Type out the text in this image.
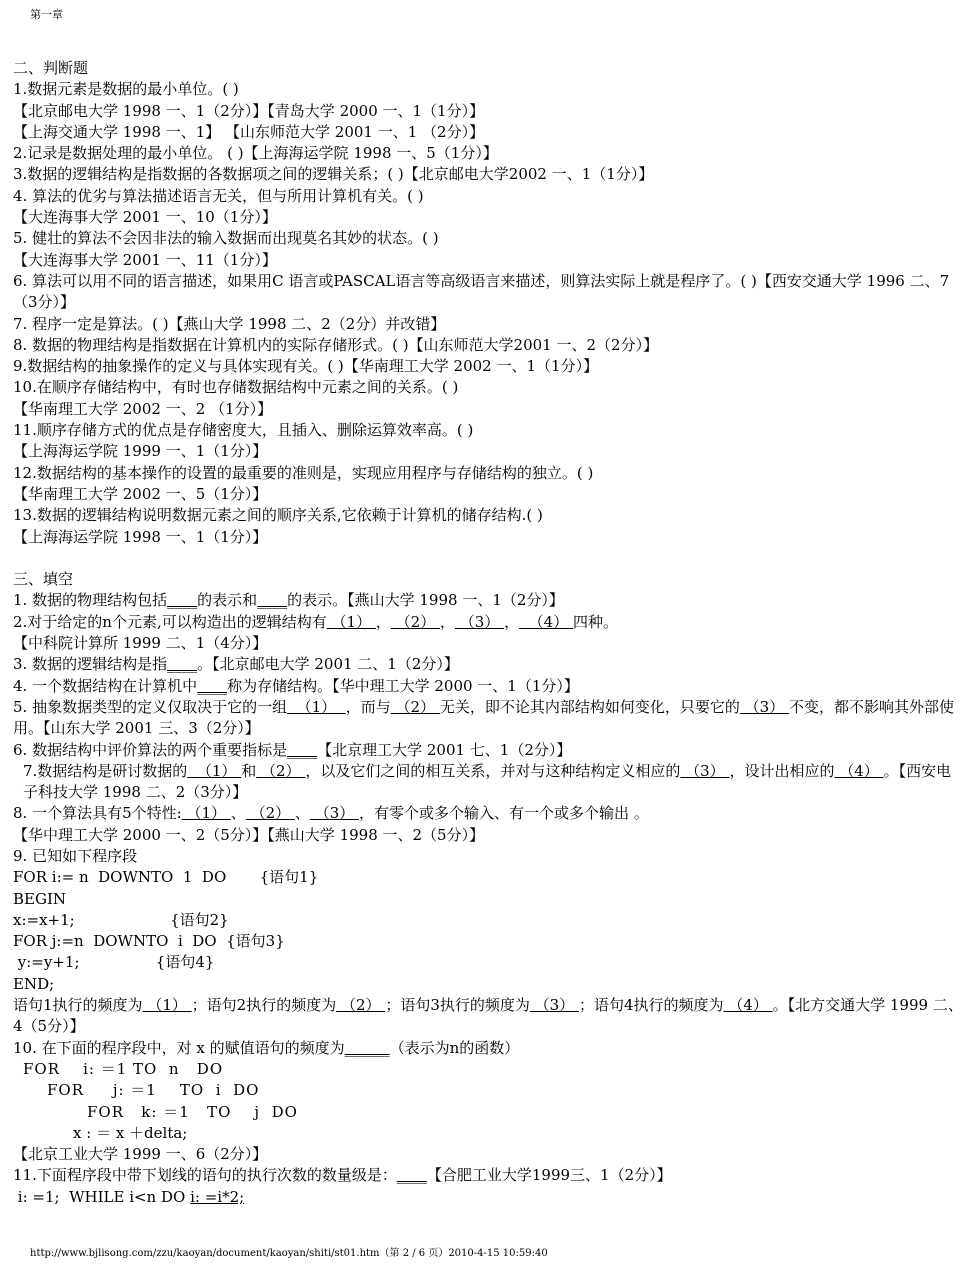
第一章
二、判断题
1.数据元素是数据的最小单位。( )
【北京邮电大学 1998 一、1（2分）】【青岛大学 2000 一、1（1分）】
【上海交通大学 1998 一、1】 【山东师范大学 2001 一、1 （2分）】
2.记录是数据处理的最小单位。 ( )【上海海运学院 1998 一、5（1分）】
3.数据的逻辑结构是指数据的各数据项之间的逻辑关系；( )【北京邮电大学2002 一、1（1分）】
4. 算法的优劣与算法描述语言无关，但与所用计算机有关。( )
【大连海事大学 2001 一、10（1分）】
5. 健壮的算法不会因非法的输入数据而出现莫名其妙的状态。( )
【大连海事大学 2001 一、11（1分）】
6. 算法可以用不同的语言描述，如果用C 语言或PASCAL语言等高级语言来描述，则算法实际上就是程序了。( )【西安交通大学 1996 二、7（3分）】
7. 程序一定是算法。( )【燕山大学 1998 二、2（2分）并改错】
8. 数据的物理结构是指数据在计算机内的实际存储形式。( )【山东师范大学2001 一、2（2分）】
9.数据结构的抽象操作的定义与具体实现有关。( )【华南理工大学 2002 一、1（1分）】
10.在顺序存储结构中，有时也存储数据结构中元素之间的关系。( )
【华南理工大学 2002 一、2 （1分）】
11.顺序存储方式的优点是存储密度大，且插入、删除运算效率高。( )
【上海海运学院 1999 一、1（1分）】
12.数据结构的基本操作的设置的最重要的准则是，实现应用程序与存储结构的独立。( )
【华南理工大学 2002 一、5（1分）】
13.数据的逻辑结构说明数据元素之间的顺序关系,它依赖于计算机的储存结构.( )
【上海海运学院 1998 一、1（1分）】
三、填空
1. 数据的物理结构包括____的表示和____的表示。【燕山大学 1998 一、1（2分）】
2.对于给定的n个元素,可以构造出的逻辑结构有 （1） ， （2） ， （3） ， （4） 四种。
【中科院计算所 1999 二、1（4分）】
3. 数据的逻辑结构是指____。【北京邮电大学 2001 二、1（2分）】
4. 一个数据结构在计算机中____称为存储结构。【华中理工大学 2000 一、1（1分）】
5. 抽象数据类型的定义仅取决于它的一组 （1） ，而与 （2） 无关，即不论其内部结构如何变化，只要它的 （3） 不变，都不影响其外部使用。【山东大学 2001 三、3（2分）】
6. 数据结构中评价算法的两个重要指标是____【北京理工大学 2001 七、1（2分）】
7.数据结构是研讨数据的 （1） 和 （2） ，以及它们之间的相互关系，并对与这种结构定义相应的 （3） ，设计出相应的 （4） 。【西安电子科技大学 1998 二、2（3分）】
8. 一个算法具有5个特性: （1） 、 （2） 、 （3） ，有零个或多个输入、有一个或多个输出 。
【华中理工大学 2000 一、2（5分）】【燕山大学 1998 一、2（5分）】
9. 已知如下程序段
FOR i:= n  DOWNTO  1  DO       {语句1}
BEGIN
x:=x+1;                    {语句2}
FOR j:=n  DOWNTO  i  DO  {语句3}
y:=y+1;                {语句4}
END;
语句1执行的频度为 （1） ；语句2执行的频度为 （2） ；语句3执行的频度为 （3） ；语句4执行的频度为 （4） 。【北方交通大学 1999 二、4（5分）】
10. 在下面的程序段中，对 x 的赋值语句的频度为______（表示为n的函数）
FOR    i: ＝1 TO  n   DO
FOR     j: ＝1    TO  i  DO
FOR   k: ＝1   TO    j  DO
x : ＝ x ＋delta;
【北京工业大学 1999 一、6（2分）】
11.下面程序段中带下划线的语句的执行次数的数量级是：____【合肥工业大学1999三、1（2分）】
i: =1;  WHILE i<n DO i: =i*2;
http://www.bjlisong.com/zzu/kaoyan/document/kaoyan/shiti/st01.htm（第 2 / 6 页）2010-4-15 10:59:40
